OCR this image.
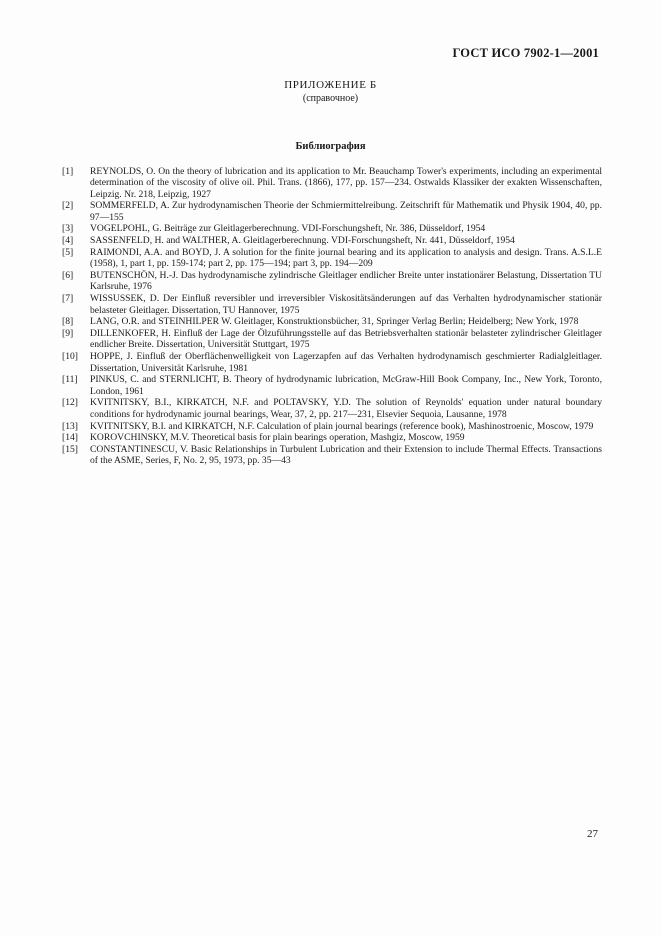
ГОСТ ИСО 7902-1—2001
ПРИЛОЖЕНИЕ Б
(справочное)
Библиография
[1] REYNOLDS, O. On the theory of lubrication and its application to Mr. Beauchamp Tower's experiments, including an experimental determination of the viscosity of olive oil. Phil. Trans. (1866), 177, pp. 157—234. Ostwalds Klassiker der exakten Wissenschaften, Leipzig. Nr. 218, Leipzig, 1927
[2] SOMMERFELD, A. Zur hydrodynamischen Theorie der Schmiermittelreibung. Zeitschrift für Mathematik und Physik 1904, 40, pp. 97—155
[3] VOGELPOHL, G. Beiträge zur Gleitlagerberechnung. VDI-Forschungsheft, Nr. 386, Düsseldorf, 1954
[4] SASSENFELD, H. and WALTHER, A. Gleitlagerberechnung. VDI-Forschungsheft, Nr. 441, Düsseldorf, 1954
[5] RAIMONDI, A.A. and BOYD, J. A solution for the finite journal bearing and its application to analysis and design. Trans. A.S.L.E (1958), 1, part 1, pp. 159-174; part 2, pp. 175—194; part 3, pp. 194—209
[6] BUTENSCHÖN, H.-J. Das hydrodynamische zylindrische Gleitlager endlicher Breite unter instationärer Belastung, Dissertation TU Karlsruhe, 1976
[7] WISSUSSEK, D. Der Einfluß reversibler und irreversibler Viskositätsänderungen auf das Verhalten hydrodynamischer stationär belasteter Gleitlager. Dissertation, TU Hannover, 1975
[8] LANG, O.R. and STEINHILPER W. Gleitlager, Konstruktionsbücher, 31, Springer Verlag Berlin; Heidelberg; New York, 1978
[9] DILLENKOFER, H. Einfluß der Lage der Ölzuführungsstelle auf das Betriebsverhalten stationär belasteter zylindrischer Gleitlager endlicher Breite. Dissertation, Universität Stuttgart, 1975
[10] HOPPE, J. Einfluß der Oberflächenwelligkeit von Lagerzapfen auf das Verhalten hydrodynamisch geschmierter Radialgleitlager. Dissertation, Universität Karlsruhe, 1981
[11] PINKUS, C. and STERNLICHT, B. Theory of hydrodynamic lubrication, McGraw-Hill Book Company, Inc., New York, Toronto, London, 1961
[12] KVITNITSKY, B.I., KIRKATCH, N.F. and POLTAVSKY, Y.D. The solution of Reynolds' equation under natural boundary conditions for hydrodynamic journal bearings, Wear, 37, 2, pp. 217—231, Elsevier Sequoia, Lausanne, 1978
[13] KVITNITSKY, B.I. and KIRKATCH, N.F. Calculation of plain journal bearings (reference book), Mashinostroenic, Moscow, 1979
[14] KOROVCHINSKY, M.V. Theoretical basis for plain bearings operation, Mashgiz, Moscow, 1959
[15] CONSTANTINESCU, V. Basic Relationships in Turbulent Lubrication and their Extension to include Thermal Effects. Transactions of the ASME, Series, F, No. 2, 95, 1973, pp. 35—43
27
